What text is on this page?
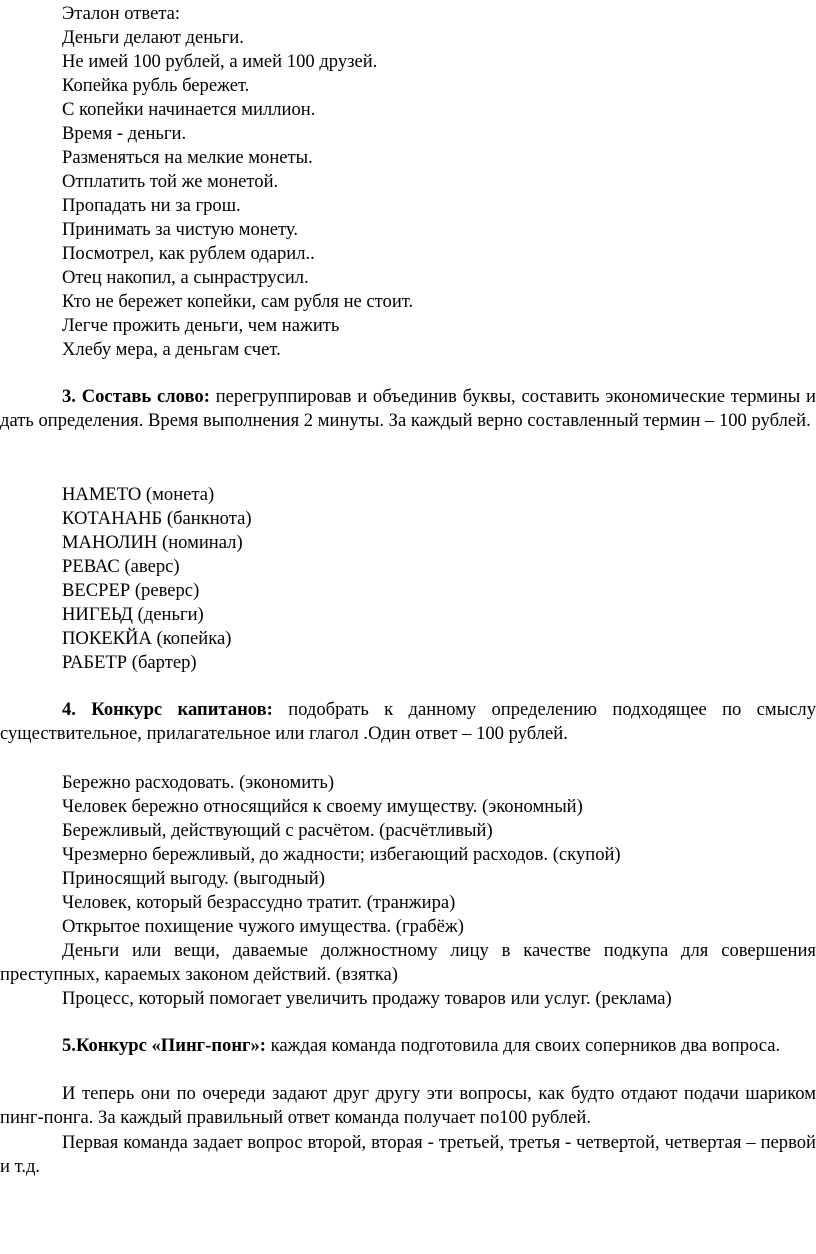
Эталон ответа:
Деньги делают деньги.
Не имей 100 рублей, а имей 100 друзей.
Копейка рубль бережет.
С копейки начинается миллион.
Время - деньги.
Разменяться на мелкие монеты.
Отплатить той же монетой.
Пропадать ни за грош.
Принимать за чистую монету.
Посмотрел, как рублем одарил..
Отец накопил, а сынраструсил.
Кто не бережет копейки, сам рубля не стоит.
Легче прожить деньги, чем нажить
Хлебу мера, а деньгам счет.
3. Составь слово: перегруппировав и объединив буквы, составить экономические термины и дать определения. Время выполнения 2 минуты. За каждый верно составленный термин – 100 рублей.
НАМЕТО (монета)
КОТАНАНБ (банкнота)
МАНОЛИН (номинал)
РЕВАС (аверс)
ВЕСРЕР (реверс)
НИГЕЬД (деньги)
ПОКЕКЙА (копейка)
РАБЕТР (бартер)
4. Конкурс капитанов: подобрать к данному определению подходящее по смыслу существительное, прилагательное или глагол .Один ответ – 100 рублей.
Бережно расходовать. (экономить)
Человек бережно относящийся к своему имуществу. (экономный)
Бережливый, действующий с расчётом. (расчётливый)
Чрезмерно бережливый, до жадности; избегающий расходов. (скупой)
Приносящий выгоду. (выгодный)
Человек, который безрассудно тратит. (транжира)
Открытое похищение чужого имущества. (грабёж)
Деньги или вещи, даваемые должностному лицу в качестве подкупа для совершения преступных, караемых законом действий. (взятка)
Процесс, который помогает увеличить продажу товаров или услуг. (реклама)
5.Конкурс «Пинг-понг»: каждая команда подготовила для своих соперников два вопроса.
И теперь они по очереди задают друг другу эти вопросы, как будто отдают подачи шариком пинг-понга. За каждый правильный ответ команда получает по100 рублей.
Первая команда задает вопрос второй, вторая - третьей, третья - четвертой, четвертая – первой и т.д.
